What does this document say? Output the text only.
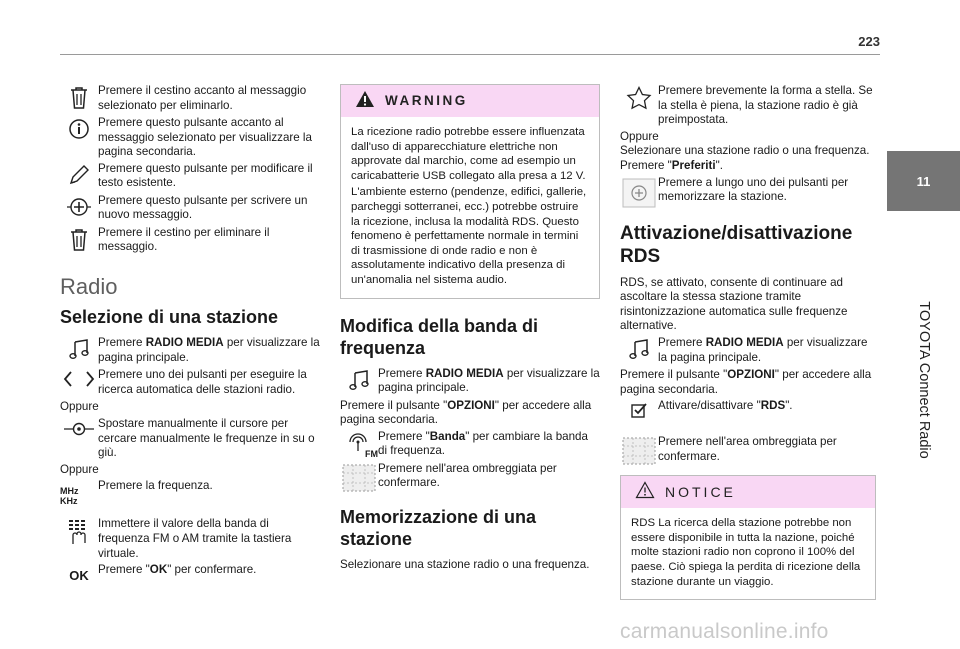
223
11
TOYOTA Connect Radio
carmanualsonline.info

Premere il cestino accanto al messaggio selezionato per eliminarlo.

Premere questo pulsante accanto al messaggio selezionato per visualizzare la pagina secondaria.

Premere questo pulsante per modificare il testo esistente.

Premere questo pulsante per scrivere un nuovo messaggio.

Premere il cestino per eliminare il messaggio.

Radio
Selezione di una stazione

Premere RADIO MEDIA per visualizzare la pagina principale.

Premere uno dei pulsanti per eseguire la ricerca automatica delle stazioni radio.

Oppure

Spostare manualmente il cursore per cercare manualmente le frequenze in su o giù.

Oppure

MHz
KHz

Premere la frequenza.

Immettere il valore della banda di frequenza FM o AM tramite la tastiera virtuale.

OK Premere "OK" per confermare.

WARNING

La ricezione radio potrebbe essere influenzata dall'uso di apparecchiature elettriche non approvate dal marchio, come ad esempio un caricabatterie USB collegato alla presa a 12 V.

L'ambiente esterno (pendenze, edifici, gallerie, parcheggi sotterranei, ecc.) potrebbe ostruire la ricezione, inclusa la modalità RDS. Questo fenomeno è perfettamente normale in termini di trasmissione di onde radio e non è assolutamente indicativo della presenza di un'anomalia nel sistema audio.

Modifica della banda di frequenza

Premere RADIO MEDIA per visualizzare la pagina principale.

Premere il pulsante "OPZIONI" per accedere alla pagina secondaria.

FM

Premere "Banda" per cambiare la banda di frequenza.

Premere nell'area ombreggiata per confermare.

Memorizzazione di una stazione

Selezionare una stazione radio o una frequenza.

Premere brevemente la forma a stella. Se la stella è piena, la stazione radio è già preimpostata.

Oppure

Selezionare una stazione radio o una frequenza.

Premere "Preferiti".

Premere a lungo uno dei pulsanti per memorizzare la stazione.

Attivazione/disattivazione RDS

RDS, se attivato, consente di continuare ad ascoltare la stessa stazione tramite risintonizzazione automatica sulle frequenze alternative.

Premere RADIO MEDIA per visualizzare la pagina principale.

Premere il pulsante "OPZIONI" per accedere alla pagina secondaria.

Attivare/disattivare "RDS".

Premere nell'area ombreggiata per confermare.

NOTICE

RDS La ricerca della stazione potrebbe non essere disponibile in tutta la nazione, poiché molte stazioni radio non coprono il 100% del paese. Ciò spiega la perdita di ricezione della stazione durante un viaggio.
